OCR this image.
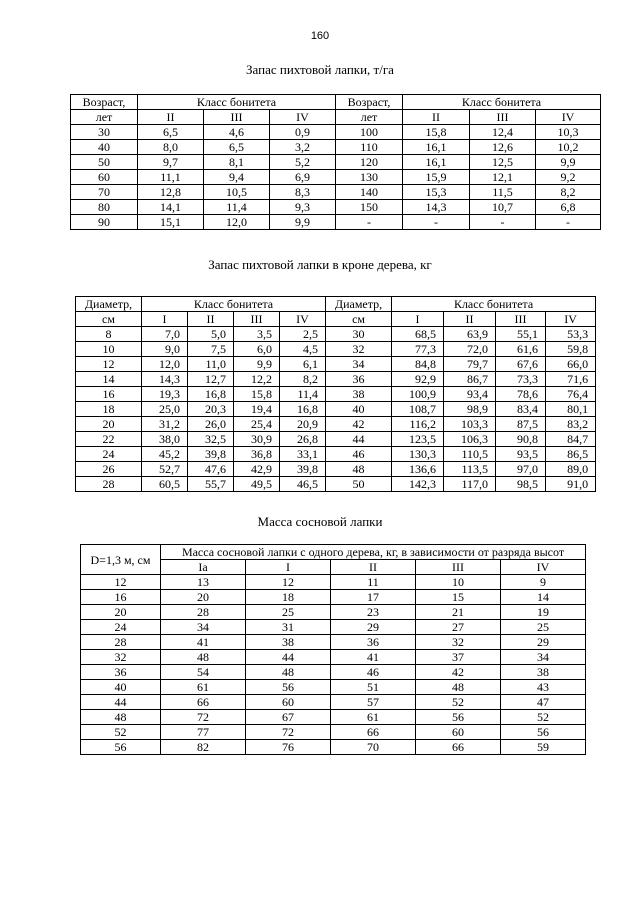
160
Запас пихтовой лапки, т/га
Возраст,	Класс бонитета			Возраст,	Класс бонитета		
лет	II	III	IV	лет	II	III	IV
30	6,5	4,6	0,9	100	15,8	12,4	10,3
40	8,0	6,5	3,2	110	16,1	12,6	10,2
50	9,7	8,1	5,2	120	16,1	12,5	9,9
60	11,1	9,4	6,9	130	15,9	12,1	9,2
70	12,8	10,5	8,3	140	15,3	11,5	8,2
80	14,1	11,4	9,3	150	14,3	10,7	6,8
90	15,1	12,0	9,9	-	-	-	-
Запас пихтовой лапки в кроне дерева, кг
Диаметр,	Класс бонитета				Диаметр,	Класс бонитета			
см	I	II	III	IV	см	I	II	III	IV
8	7,0	5,0	3,5	2,5	30	68,5	63,9	55,1	53,3
10	9,0	7,5	6,0	4,5	32	77,3	72,0	61,6	59,8
12	12,0	11,0	9,9	6,1	34	84,8	79,7	67,6	66,0
14	14,3	12,7	12,2	8,2	36	92,9	86,7	73,3	71,6
16	19,3	16,8	15,8	11,4	38	100,9	93,4	78,6	76,4
18	25,0	20,3	19,4	16,8	40	108,7	98,9	83,4	80,1
20	31,2	26,0	25,4	20,9	42	116,2	103,3	87,5	83,2
22	38,0	32,5	30,9	26,8	44	123,5	106,3	90,8	84,7
24	45,2	39,8	36,8	33,1	46	130,3	110,5	93,5	86,5
26	52,7	47,6	42,9	39,8	48	136,6	113,5	97,0	89,0
28	60,5	55,7	49,5	46,5	50	142,3	117,0	98,5	91,0
Масса сосновой лапки
D=1,3 м, см	Масса сосновой лапки с одного дерева, кг, в зависимости от разряда высот				
	Ia	I	II	III	IV
12	13	12	11	10	9
16	20	18	17	15	14
20	28	25	23	21	19
24	34	31	29	27	25
28	41	38	36	32	29
32	48	44	41	37	34
36	54	48	46	42	38
40	61	56	51	48	43
44	66	60	57	52	47
48	72	67	61	56	52
52	77	72	66	60	56
56	82	76	70	66	59
